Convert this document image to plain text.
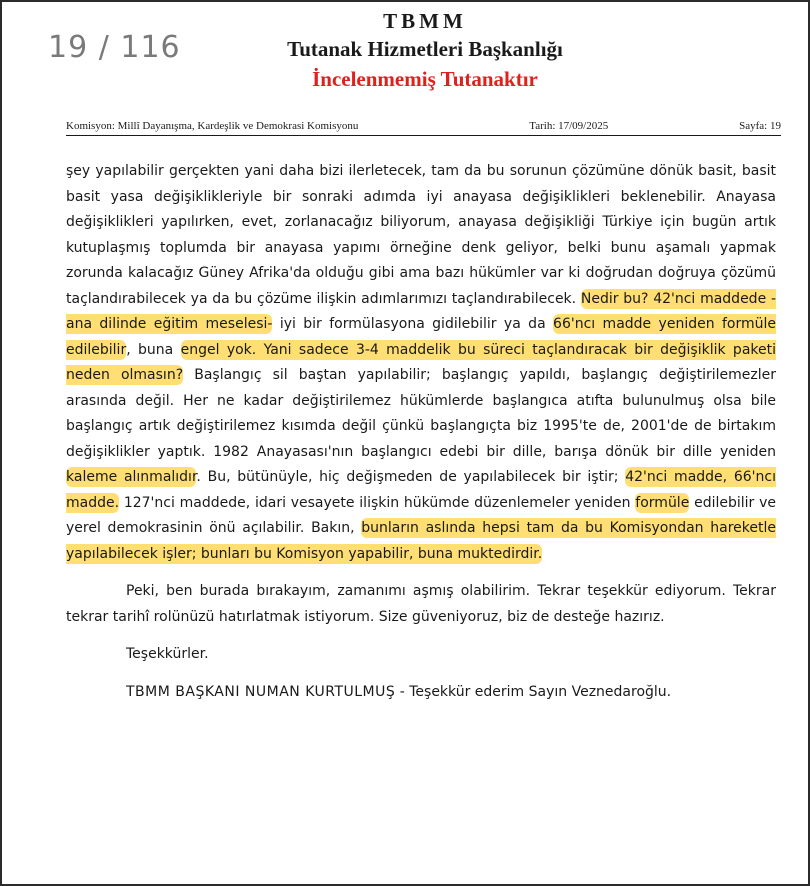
19 / 116
TBMM
Tutanak Hizmetleri Başkanlığı
İncelenmemiş Tutanaktır
Komisyon: Millî Dayanışma, Kardeşlik ve Demokrasi Komisyonu	Tarih: 17/09/2025	Sayfa: 19

şey yapılabilir gerçekten yani daha bizi ilerletecek, tam da bu sorunun çözümüne dönük basit, basit basit yasa değişiklikleriyle bir sonraki adımda iyi anayasa değişiklikleri beklenebilir. Anayasa değişiklikleri yapılırken, evet, zorlanacağız biliyorum, anayasa değişikliği Türkiye için bugün artık kutuplaşmış toplumda bir anayasa yapımı örneğine denk geliyor, belki bunu aşamalı yapmak zorunda kalacağız Güney Afrika'da olduğu gibi ama bazı hükümler var ki doğrudan doğruya çözümü taçlandırabilecek ya da bu çözüme ilişkin adımlarımızı taçlandırabilecek. Nedir bu? 42'nci maddede -ana dilinde eğitim meselesi- iyi bir formülasyona gidilebilir ya da 66'ncı madde yeniden formüle edilebilir, buna engel yok. Yani sadece 3-4 maddelik bu süreci taçlandıracak bir değişiklik paketi neden olmasın? Başlangıç sil baştan yapılabilir; başlangıç yapıldı, başlangıç değiştirilemezler arasında değil. Her ne kadar değiştirilemez hükümlerde başlangıca atıfta bulunulmuş olsa bile başlangıç artık değiştirilemez kısımda değil çünkü başlangıçta biz 1995'te de, 2001'de de birtakım değişiklikler yaptık. 1982 Anayasası'nın başlangıcı edebi bir dille, barışa dönük bir dille yeniden kaleme alınmalıdır. Bu, bütünüyle, hiç değişmeden de yapılabilecek bir iştir; 42'nci madde, 66'ncı madde. 127'nci maddede, idari vesayete ilişkin hükümde düzenlemeler yeniden formüle edilebilir ve yerel demokrasinin önü açılabilir. Bakın, bunların aslında hepsi tam da bu Komisyondan hareketle yapılabilecek işler; bunları bu Komisyon yapabilir, buna muktedirdir.

Peki, ben burada bırakayım, zamanımı aşmış olabilirim. Tekrar teşekkür ediyorum. Tekrar tekrar tarihî rolünüzü hatırlatmak istiyorum. Size güveniyoruz, biz de desteğe hazırız.

Teşekkürler.

TBMM BAŞKANI NUMAN KURTULMUŞ - Teşekkür ederim Sayın Veznedaroğlu.
